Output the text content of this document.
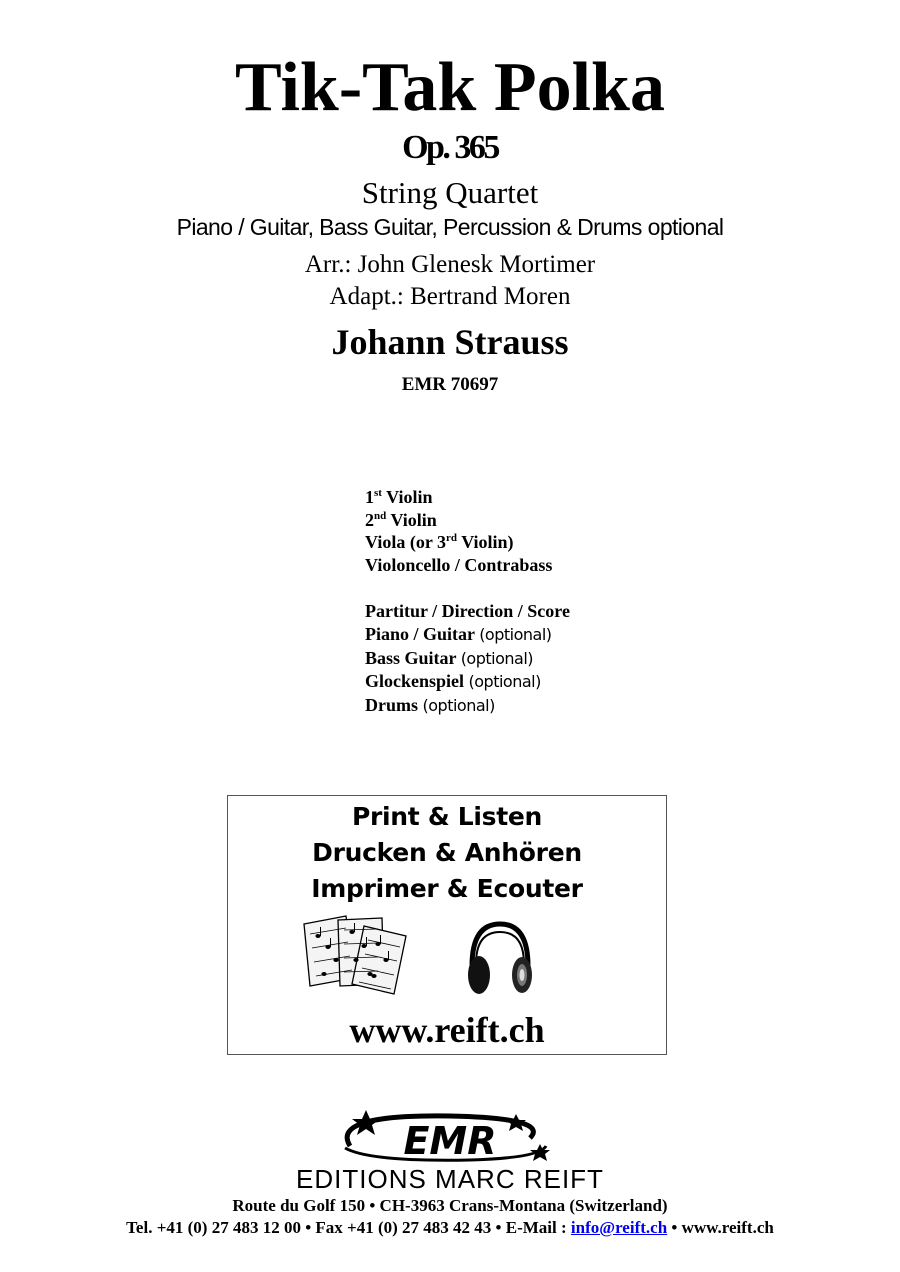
Tik-Tak Polka
Op. 365
String Quartet
Piano / Guitar, Bass Guitar, Percussion & Drums optional
Arr.: John Glenesk Mortimer
Adapt.: Bertrand Moren
Johann Strauss
EMR 70697
1st Violin
2nd Violin
Viola (or 3rd Violin)
Violoncello / Contrabass
Partitur / Direction / Score
Piano / Guitar (optional)
Bass Guitar (optional)
Glockenspiel (optional)
Drums (optional)
Print & Listen
Drucken & Anhören
Imprimer & Ecouter
www.reift.ch
EMR
EDITIONS MARC REIFT
Route du Golf 150 • CH-3963 Crans-Montana (Switzerland)
Tel. +41 (0) 27 483 12 00 • Fax +41 (0) 27 483 42 43 • E-Mail : info@reift.ch • www.reift.ch
